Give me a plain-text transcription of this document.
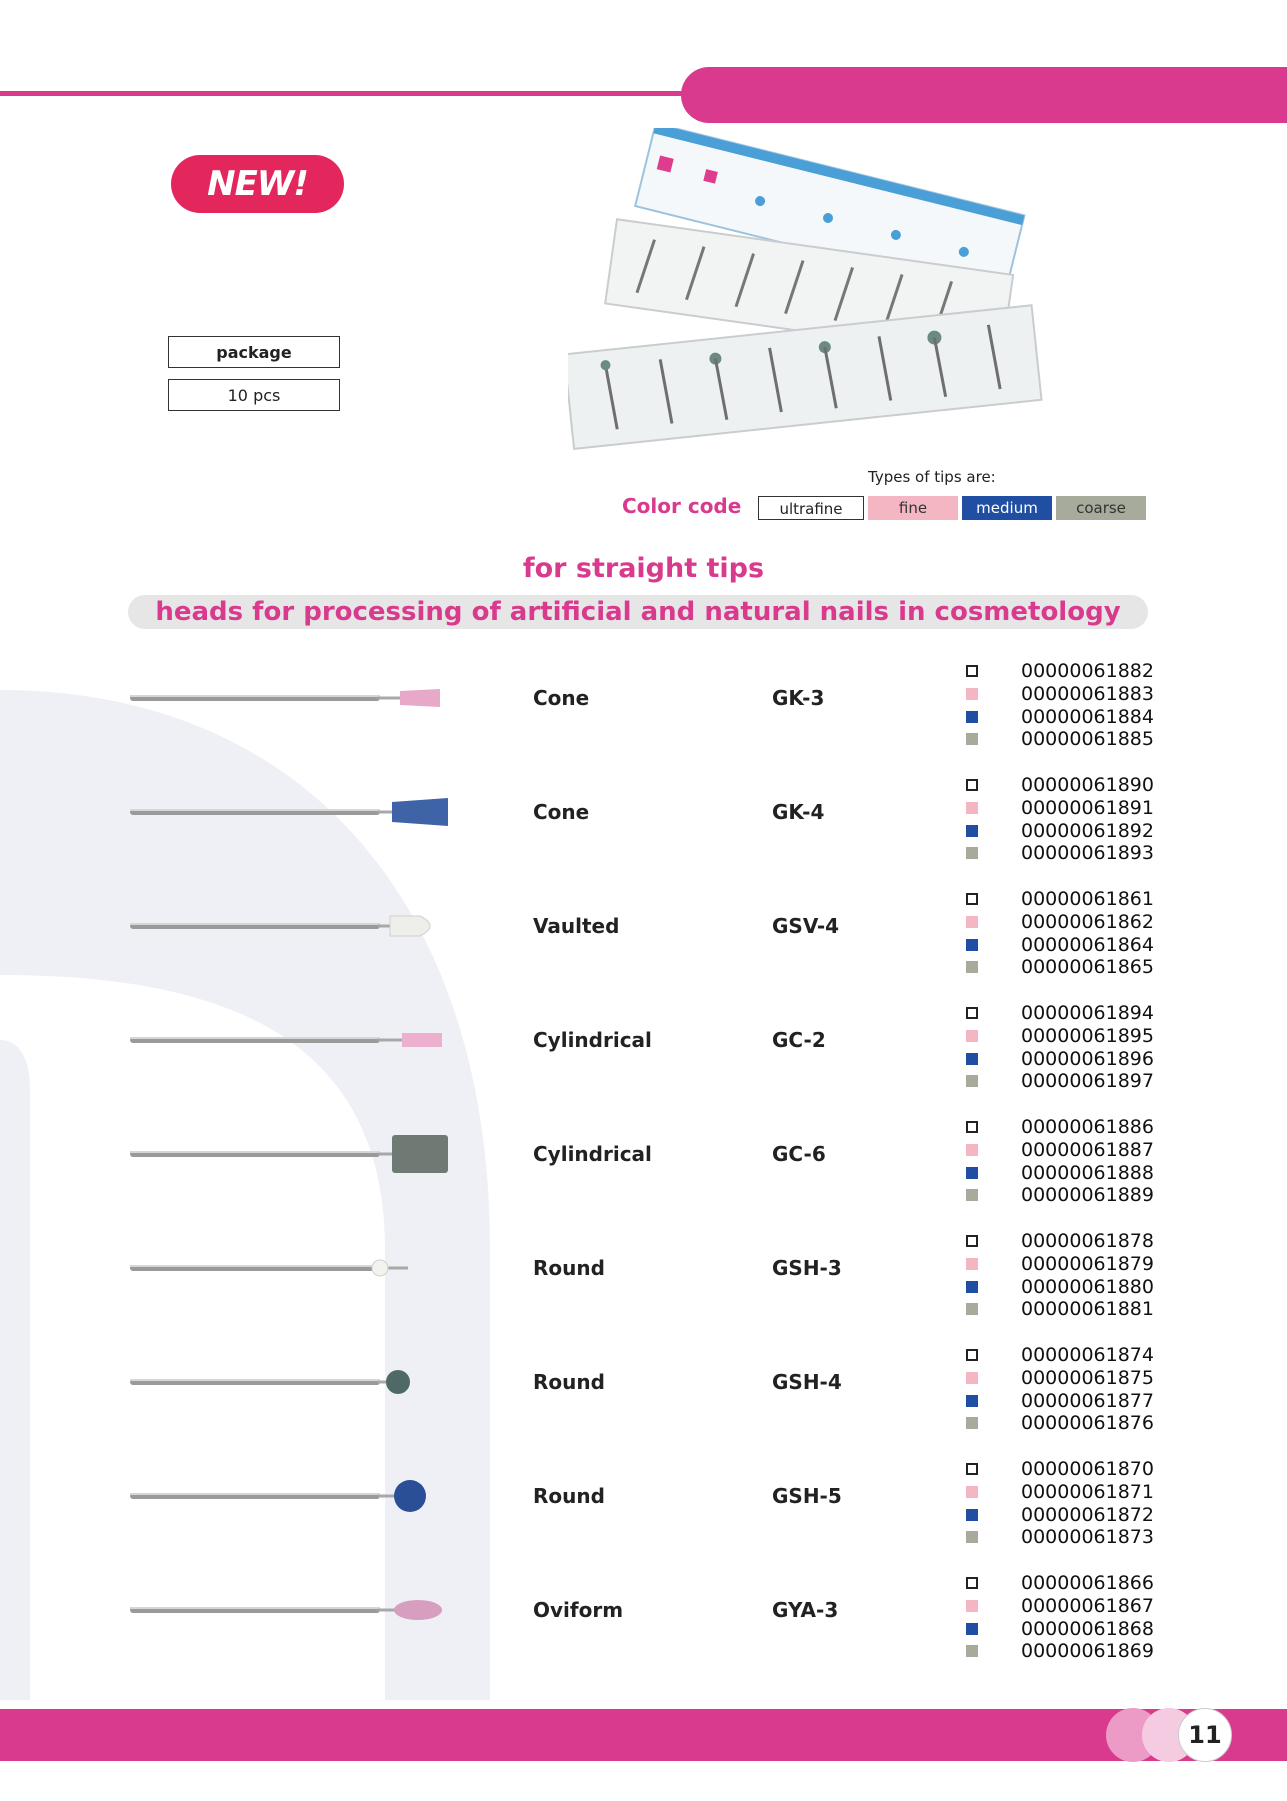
NEW!
package
10 pcs
Types of tips are:
Color code	ultrafine	fine	medium	coarse
for straight tips
heads for processing of artificial and natural nails in cosmetology
Cone	GK-3
00000061882
00000061883
00000061884
00000061885
Cone	GK-4
00000061890
00000061891
00000061892
00000061893
Vaulted	GSV-4
00000061861
00000061862
00000061864
00000061865
Cylindrical	GC-2
00000061894
00000061895
00000061896
00000061897
Cylindrical	GC-6
00000061886
00000061887
00000061888
00000061889
Round	GSH-3
00000061878
00000061879
00000061880
00000061881
Round	GSH-4
00000061874
00000061875
00000061877
00000061876
Round	GSH-5
00000061870
00000061871
00000061872
00000061873
Oviform	GYA-3
00000061866
00000061867
00000061868
00000061869
11
